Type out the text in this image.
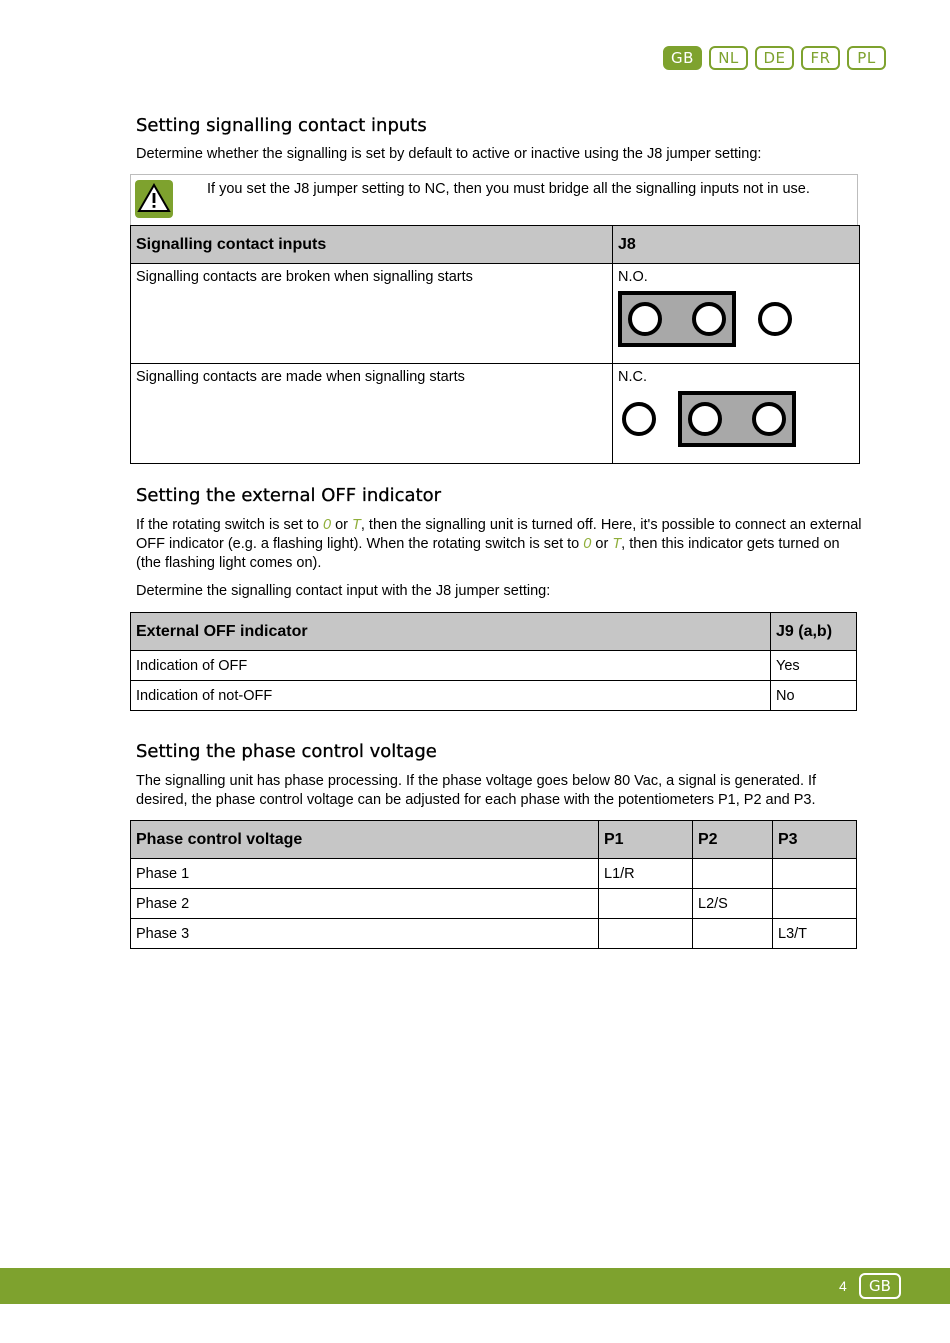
GB	NL	DE	FR	PL
Setting signalling contact inputs

Determine whether the signalling is set by default to active or inactive using the J8 jumper setting:

If you set the J8 jumper setting to NC, then you must bridge all the signalling inputs not in use.
Signalling contact inputs	J8
Signalling contacts are broken when signalling starts	N.O.

Signalling contacts are made when signalling starts	N.C.
Setting the external OFF indicator

If the rotating switch is set to 0 or T, then the signalling unit is turned off. Here, it's possible to connect an external OFF indicator (e.g. a flashing light). When the rotating switch is set to 0 or T, then this indicator gets turned on (the flashing light comes on).

Determine the signalling contact input with the J8 jumper setting:

External OFF indicator	J9 (a,b)
Indication of OFF	Yes
Indication of not-OFF	No
Setting the phase control voltage

The signalling unit has phase processing. If the phase voltage goes below 80 Vac, a signal is generated. If desired, the phase control voltage can be adjusted for each phase with the potentiometers P1, P2 and P3.

Phase control voltage	P1	P2	P3
Phase 1	L1/R		
Phase 2		L2/S	
Phase 3			L3/T
4	GB
